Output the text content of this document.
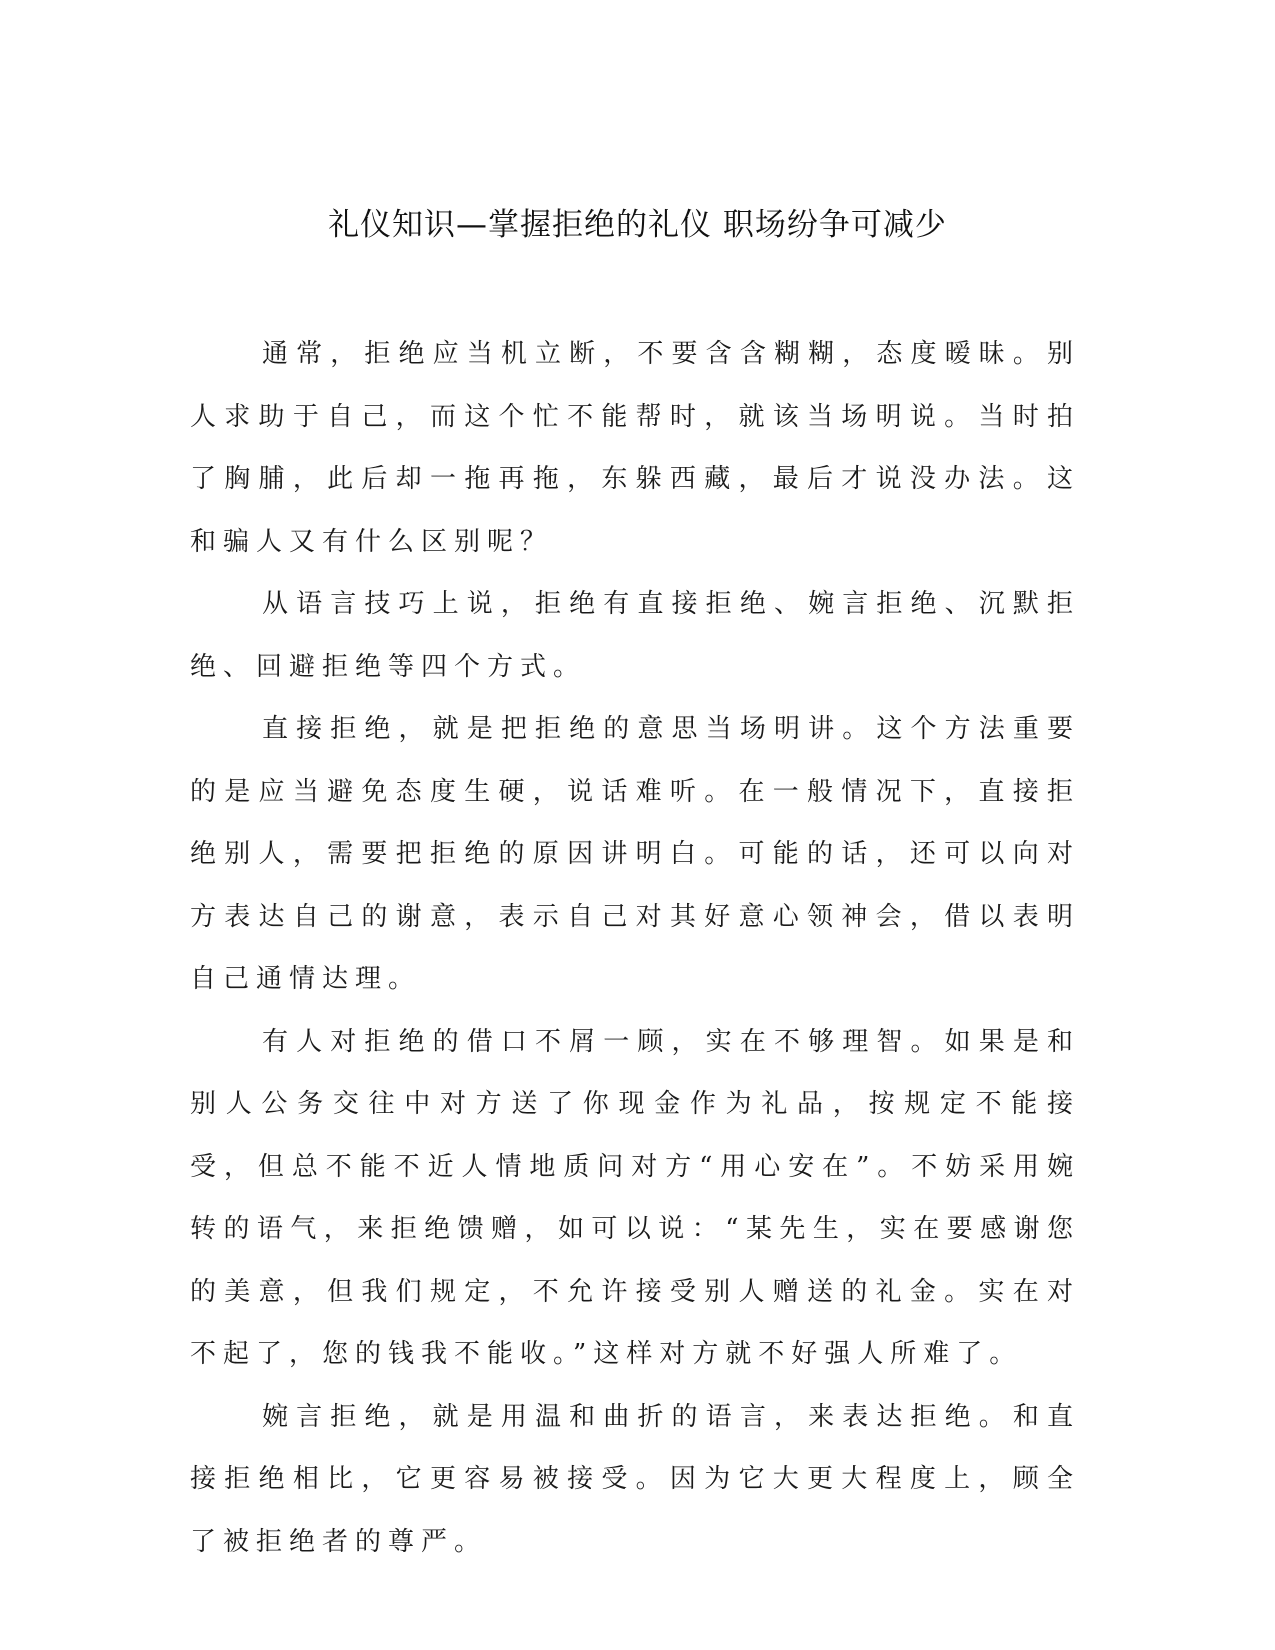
礼仪知识—掌握拒绝的礼仪 职场纷争可减少

通常，拒绝应当机立断，不要含含糊糊，态度暧昧。别人求助于自己，而这个忙不能帮时，就该当场明说。当时拍了胸脯，此后却一拖再拖，东躲西藏，最后才说没办法。这和骗人又有什么区别呢？

从语言技巧上说，拒绝有直接拒绝、婉言拒绝、沉默拒绝、回避拒绝等四个方式。

直接拒绝，就是把拒绝的意思当场明讲。这个方法重要的是应当避免态度生硬，说话难听。在一般情况下，直接拒绝别人，需要把拒绝的原因讲明白。可能的话，还可以向对方表达自己的谢意，表示自己对其好意心领神会，借以表明自己通情达理。

有人对拒绝的借口不屑一顾，实在不够理智。如果是和别人公务交往中对方送了你现金作为礼品，按规定不能接受，但总不能不近人情地质问对方“用心安在”。不妨采用婉转的语气，来拒绝馈赠，如可以说：“某先生，实在要感谢您的美意，但我们规定，不允许接受别人赠送的礼金。实在对不起了，您的钱我不能收。”这样对方就不好强人所难了。

婉言拒绝，就是用温和曲折的语言，来表达拒绝。和直接拒绝相比，它更容易被接受。因为它大更大程度上，顾全了被拒绝者的尊严。
